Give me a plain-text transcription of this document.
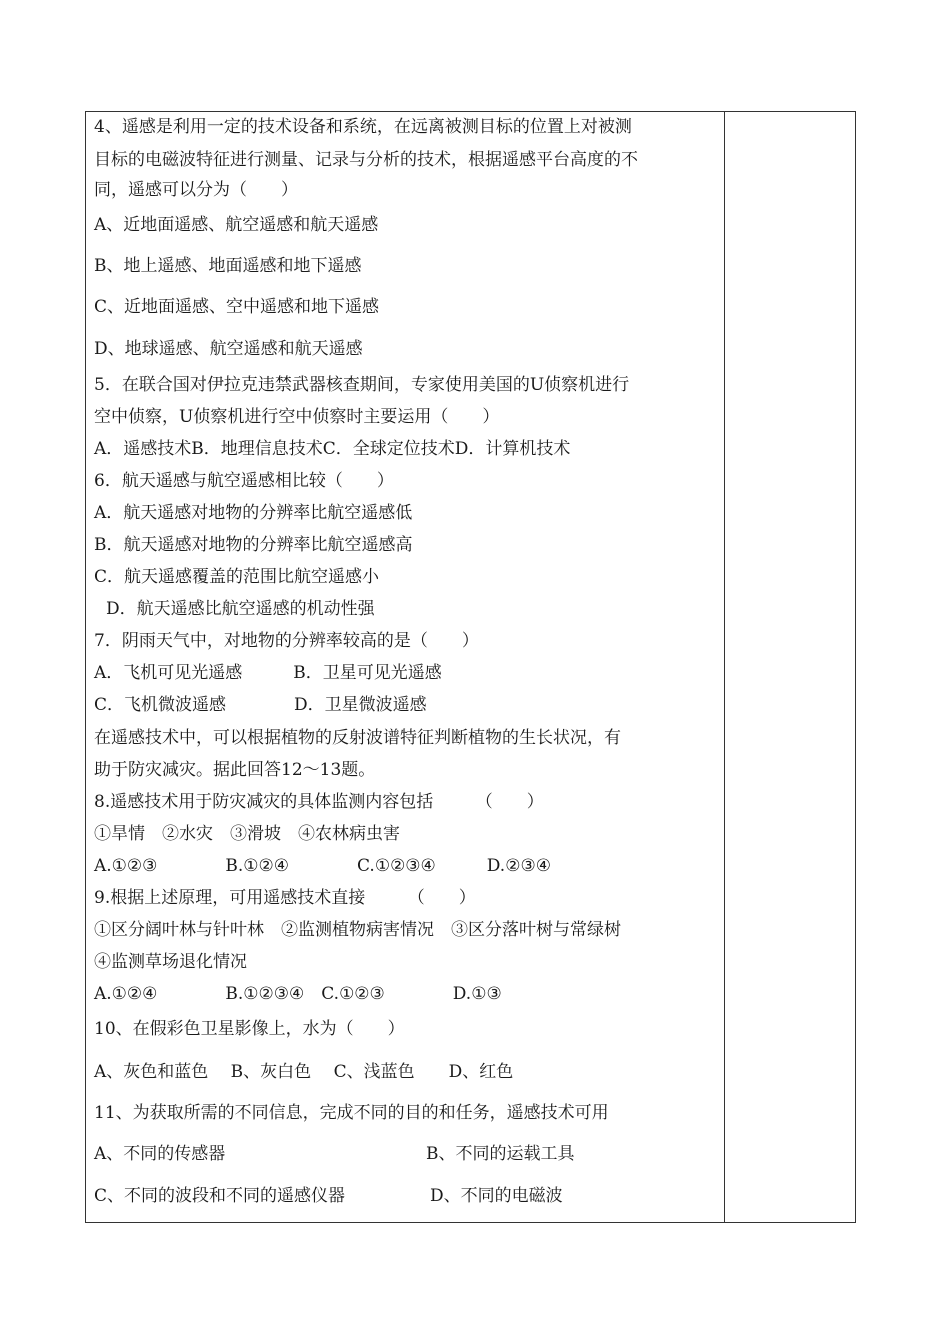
4、遥感是利用一定的技术设备和系统，在远离被测目标的位置上对被测
目标的电磁波特征进行测量、记录与分析的技术，根据遥感平台高度的不
同，遥感可以分为（　　）
A、近地面遥感、航空遥感和航天遥感
B、地上遥感、地面遥感和地下遥感
C、近地面遥感、空中遥感和地下遥感
D、地球遥感、航空遥感和航天遥感
5．在联合国对伊拉克违禁武器核查期间，专家使用美国的U侦察机进行
空中侦察，U侦察机进行空中侦察时主要运用（　　）
A．遥感技术B．地理信息技术C．全球定位技术D．计算机技术
6．航天遥感与航空遥感相比较（　　）
A．航天遥感对地物的分辨率比航空遥感低
B．航天遥感对地物的分辨率比航空遥感高
C．航天遥感覆盖的范围比航空遥感小
D．航天遥感比航空遥感的机动性强
7．阴雨天气中，对地物的分辨率较高的是（　　）
A．飞机可见光遥感　　　B．卫星可见光遥感
C．飞机微波遥感　　　　D．卫星微波遥感
在遥感技术中，可以根据植物的反射波谱特征判断植物的生长状况，有
助于防灾减灾。据此回答12～13题。
8.遥感技术用于防灾减灾的具体监测内容包括　　　（　　）
①旱情　②水灾　③滑坡　④农林病虫害
A.①②③　　　　B.①②④　　　　C.①②③④　　　D.②③④
9.根据上述原理，可用遥感技术直接　　　（　　）
①区分阔叶林与针叶林　②监测植物病害情况　③区分落叶树与常绿树
④监测草场退化情况
A.①②④　　　　B.①②③④　C.①②③　　　　D.①③
10、在假彩色卫星影像上，水为（　　）
A、灰色和蓝色　 B、灰白色　 C、浅蓝色　　D、红色
11、为获取所需的不同信息，完成不同的目的和任务，遥感技术可用
A、不同的传感器	B、不同的运载工具
C、不同的波段和不同的遥感仪器	D、不同的电磁波
